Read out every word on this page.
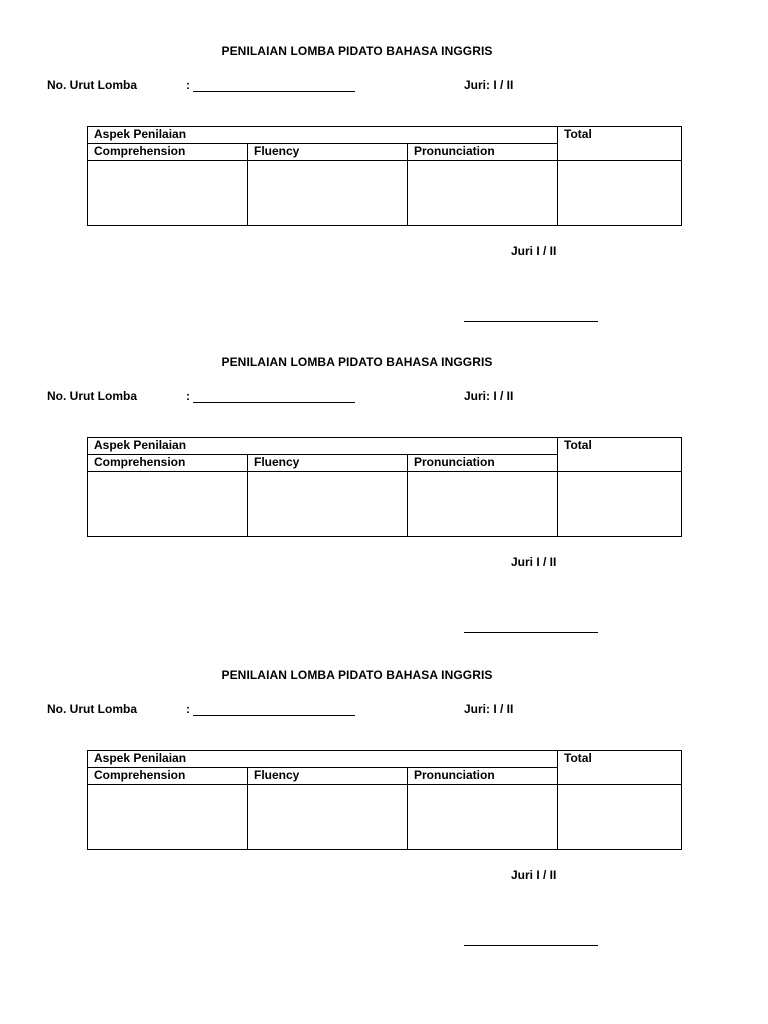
PENILAIAN LOMBA PIDATO BAHASA INGGRIS
No. Urut Lomba	:	Juri: I / II
Aspek Penilaian			Total
Comprehension	Fluency	Pronunciation	

Juri I / II
PENILAIAN LOMBA PIDATO BAHASA INGGRIS
No. Urut Lomba	:	Juri: I / II
Aspek Penilaian			Total
Comprehension	Fluency	Pronunciation	

Juri I / II
PENILAIAN LOMBA PIDATO BAHASA INGGRIS
No. Urut Lomba	:	Juri: I / II
Aspek Penilaian			Total
Comprehension	Fluency	Pronunciation	

Juri I / II
